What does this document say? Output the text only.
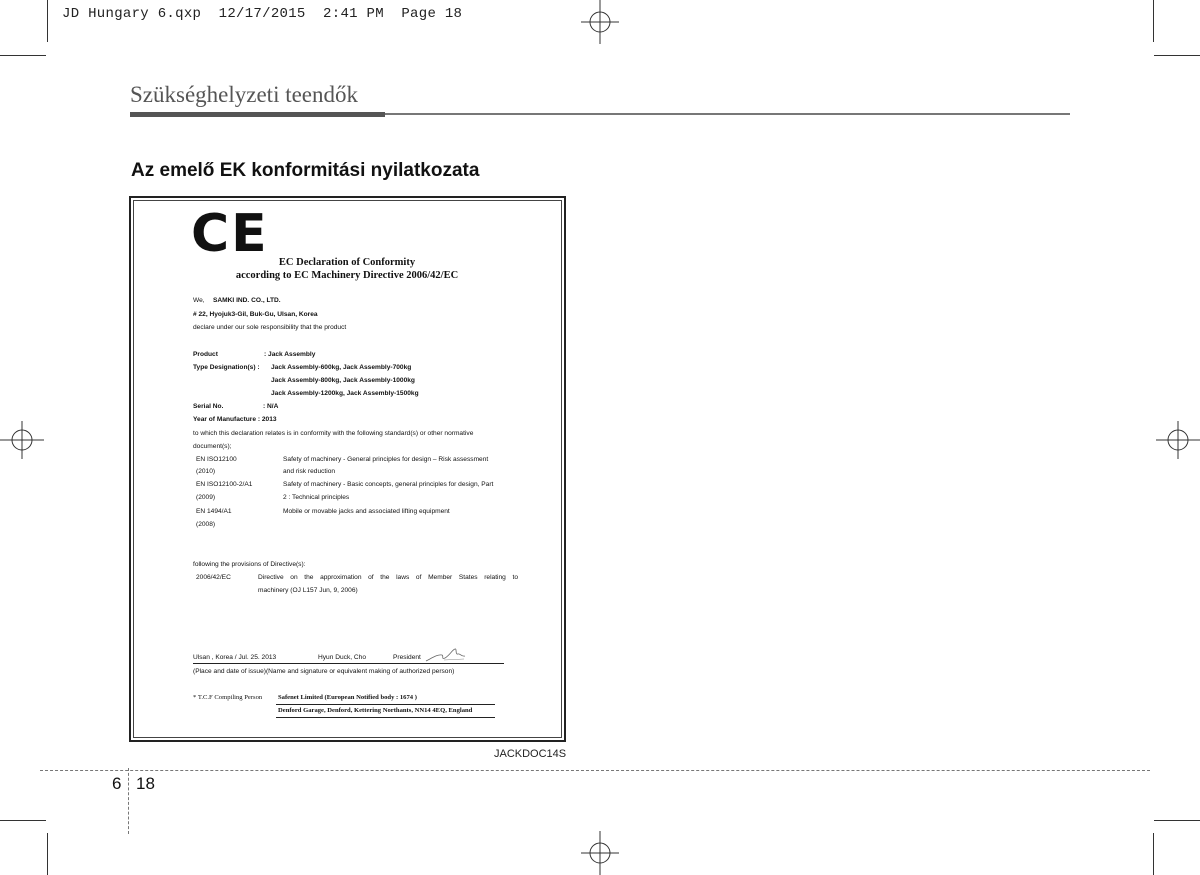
JD Hungary 6.qxp  12/17/2015  2:41 PM  Page 18
Szükséghelyzeti teendők
Az emelő EK konformitási nyilatkozata
CE EC Declaration of Conformity
according to EC Machinery Directive 2006/42/EC
We, SAMKI IND. CO., LTD.
# 22, Hyojuk3-Gil, Buk-Gu, Ulsan, Korea
declare under our sole responsibility that the product
Product	: Jack Assembly
Type Designation(s) : Jack Assembly-600kg, Jack Assembly-700kg
Jack Assembly-800kg, Jack Assembly-1000kg
Jack Assembly-1200kg, Jack Assembly-1500kg
Serial No.	: N/A
Year of Manufacture : 2013
to which this declaration relates is in conformity with the following standard(s) or other normative
document(s);
EN ISO12100	Safety of machinery - General principles for design – Risk assessment
(2010)	and risk reduction
EN ISO12100-2/A1	Safety of machinery - Basic concepts, general principles for design, Part
(2009)	2 : Technical principles
EN 1494/A1	Mobile or movable jacks and associated lifting equipment
(2008)
following the provisions of Directive(s):
2006/42/EC	Directive on the approximation of the laws of Member States relating to
machinery (OJ L157 Jun, 9, 2006)
Ulsan , Korea / Jul. 25. 2013	Hyun Duck, Cho	President
(Place and date of issue)(Name and signature or equivalent making of authorized person)
* T.C.F Compiling Person Safenet Limited (European Notified body : 1674 )
Denford Garage, Denford, Kettering Northants, NN14 4EQ, England
JACKDOC14S
6 18
